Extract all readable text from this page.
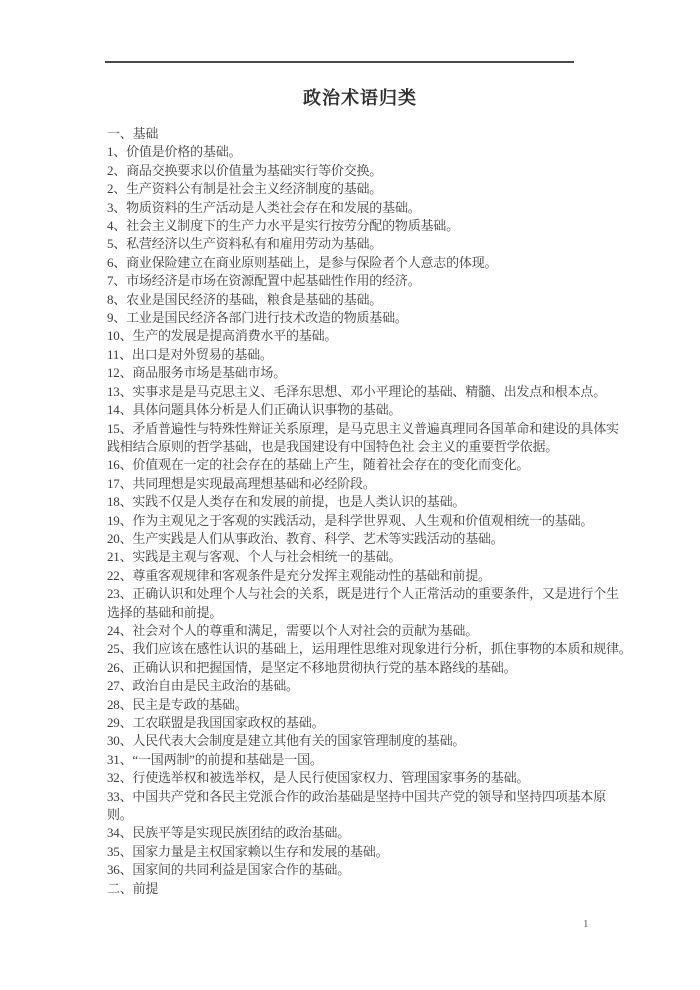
政治术语归类

一、基础

1、价值是价格的基础。

2、商品交换要求以价值量为基础实行等价交换。

2、生产资料公有制是社会主义经济制度的基础。

3、物质资料的生产活动是人类社会存在和发展的基础。

4、社会主义制度下的生产力水平是实行按劳分配的物质基础。

5、私营经济以生产资料私有和雇用劳动为基础。

6、商业保险建立在商业原则基础上，是参与保险者个人意志的体现。

7、市场经济是市场在资源配置中起基础性作用的经济。

8、农业是国民经济的基础，粮食是基础的基础。

9、工业是国民经济各部门进行技术改造的物质基础。

10、生产的发展是提高消费水平的基础。

11、出口是对外贸易的基础。

12、商品服务市场是基础市场。

13、实事求是是马克思主义、毛泽东思想、邓小平理论的基础、精髓、出发点和根本点。

14、具体问题具体分析是人们正确认识事物的基础。

15、矛盾普遍性与特殊性辩证关系原理，是马克思主义普遍真理同各国革命和建设的具体实

践相结合原则的哲学基础，也是我国建设有中国特色社 会主义的重要哲学依据。

16、价值观在一定的社会存在的基础上产生，随着社会存在的变化而变化。

17、共同理想是实现最高理想基础和必经阶段。

18、实践不仅是人类存在和发展的前提，也是人类认识的基础。

19、作为主观见之于客观的实践活动，是科学世界观、人生观和价值观相统一的基础。

20、生产实践是人们从事政治、教育、科学、艺术等实践活动的基础。

21、实践是主观与客观、个人与社会相统一的基础。

22、尊重客观规律和客观条件是充分发挥主观能动性的基础和前提。

23、正确认识和处理个人与社会的关系，既是进行个人正常活动的重要条件，又是进行个生

选择的基础和前提。

24、社会对个人的尊重和满足，需要以个人对社会的贡献为基础。

25、我们应该在感性认识的基础上，运用理性思维对现象进行分析，抓住事物的本质和规律。

26、正确认识和把握国情，是坚定不移地贯彻执行党的基本路线的基础。

27、政治自由是民主政治的基础。

28、民主是专政的基础。

29、工农联盟是我国国家政权的基础。

30、人民代表大会制度是建立其他有关的国家管理制度的基础。

31、“一国两制”的前提和基础是一国。

32、行使选举权和被选举权，是人民行使国家权力、管理国家事务的基础。

33、中国共产党和各民主党派合作的政治基础是坚持中国共产党的领导和坚持四项基本原

则。

34、民族平等是实现民族团结的政治基础。

35、国家力量是主权国家赖以生存和发展的基础。

36、国家间的共同利益是国家合作的基础。

二、前提

1
